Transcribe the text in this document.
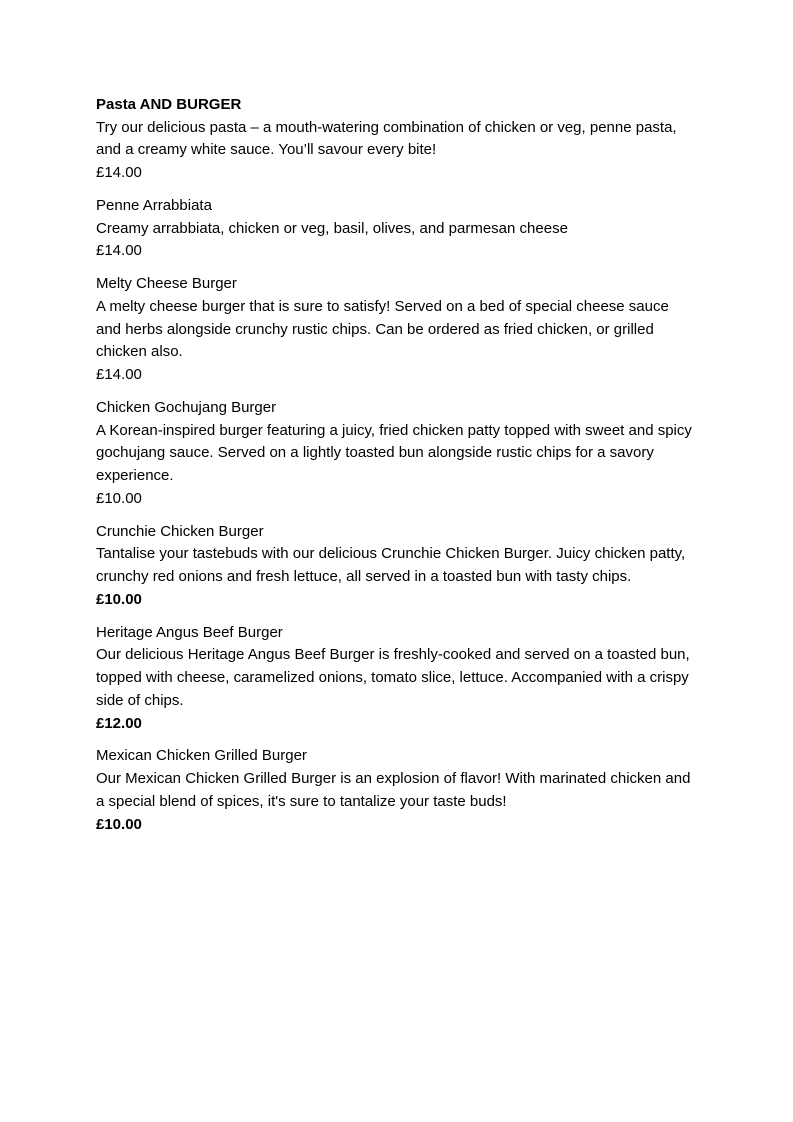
Pasta AND BURGER

Try our delicious pasta – a mouth-watering combination of chicken or veg, penne pasta, and a creamy white sauce. You’ll savour every bite!

£14.00

Penne Arrabbiata

Creamy arrabbiata, chicken or veg, basil, olives, and parmesan cheese

£14.00

Melty Cheese Burger

A melty cheese burger that is sure to satisfy! Served on a bed of special cheese sauce and herbs alongside crunchy rustic chips. Can be ordered as fried chicken, or grilled chicken also.

£14.00

Chicken Gochujang Burger

A Korean-inspired burger featuring a juicy, fried chicken patty topped with sweet and spicy gochujang sauce. Served on a lightly toasted bun alongside rustic chips for a savory experience.

£10.00

Crunchie Chicken Burger

Tantalise your tastebuds with our delicious Crunchie Chicken Burger. Juicy chicken patty, crunchy red onions and fresh lettuce, all served in a toasted bun with tasty chips.

£10.00

Heritage Angus Beef Burger

Our delicious Heritage Angus Beef Burger is freshly-cooked and served on a toasted bun, topped with cheese, caramelized onions, tomato slice, lettuce. Accompanied with a crispy side of chips.

£12.00

Mexican Chicken Grilled Burger

Our Mexican Chicken Grilled Burger is an explosion of flavor! With marinated chicken and a special blend of spices, it's sure to tantalize your taste buds!

£10.00
